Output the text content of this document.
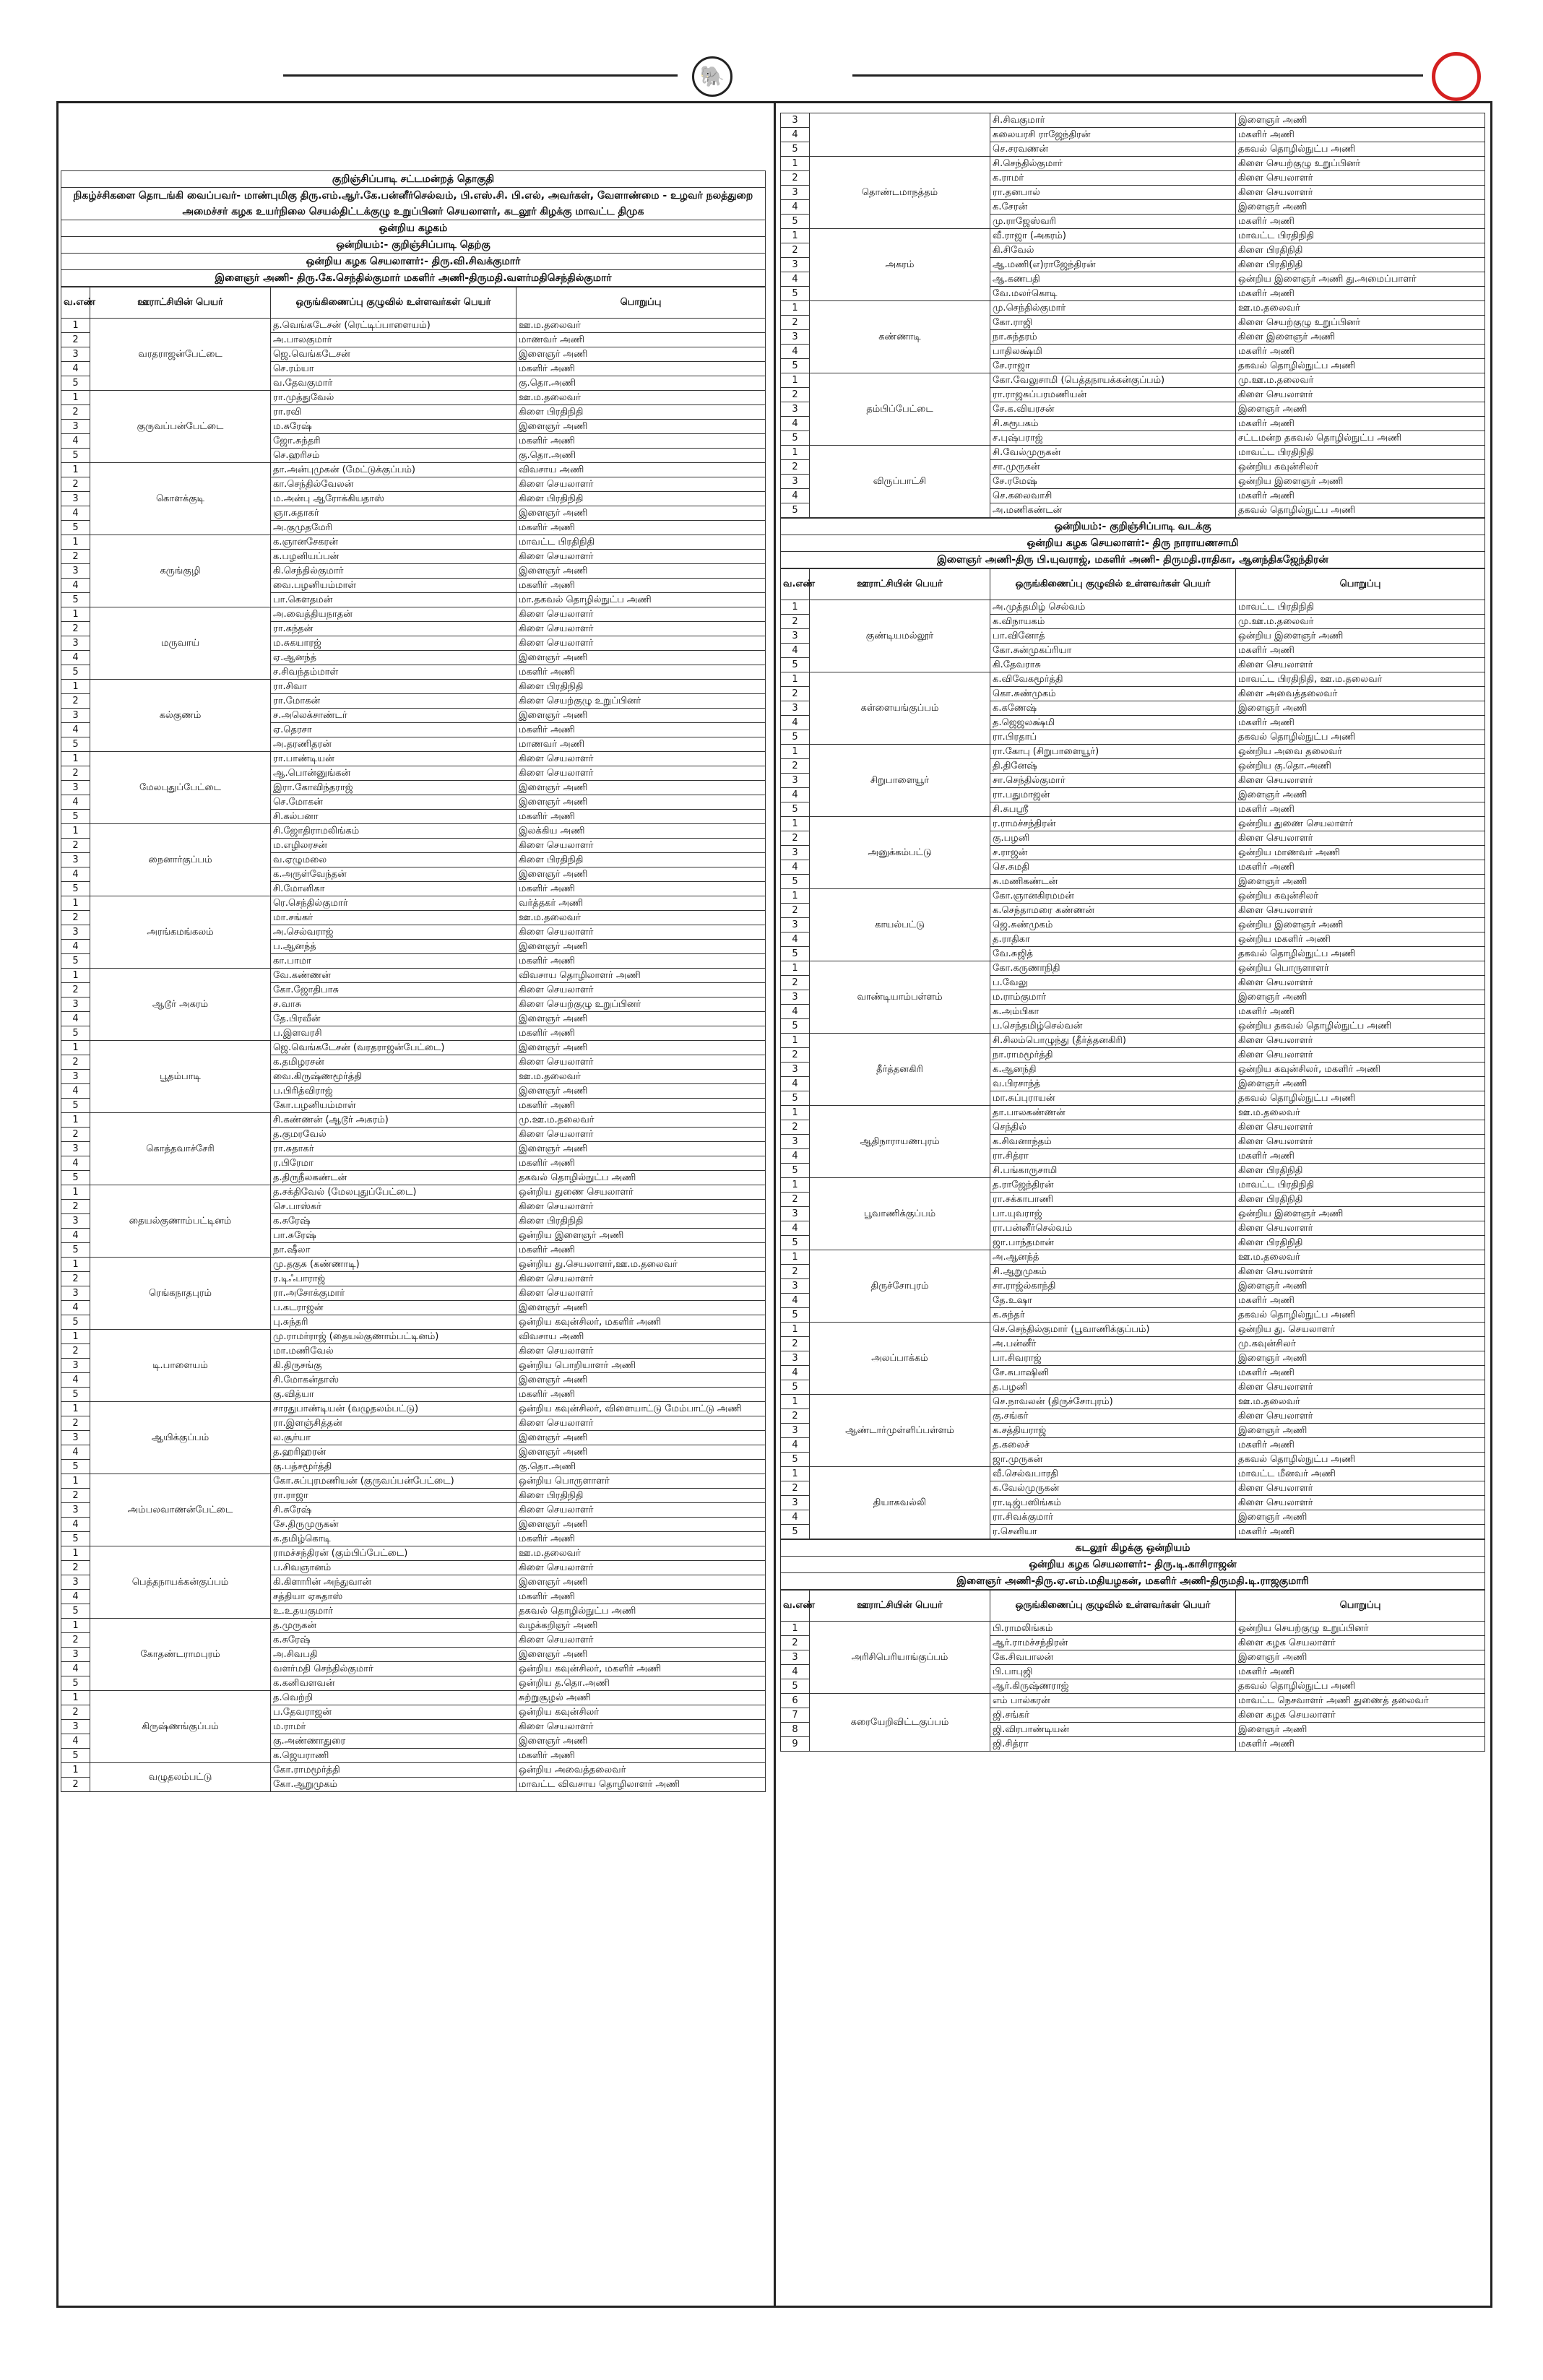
🐘
குறிஞ்சிப்பாடி சட்டமன்றத் தொகுதி
நிகழ்ச்சிகளை தொடங்கி வைப்பவர்- மாண்புமிகு திரு.எம்.ஆர்.கே.பன்னீர்செல்வம், பி.எஸ்.சி. பி.எல், அவர்கள், வேளாண்மை - உழவர் நலத்துறை அமைச்சர் கழக உயர்நிலை செயல்திட்டக்குழு உறுப்பினர் செயலாளர், கடலூர் கிழக்கு மாவட்ட திமுக
ஒன்றிய கழகம்
ஒன்றியம்:- குறிஞ்சிப்பாடி தெற்கு
ஒன்றிய கழக செயலாளர்:- திரு.வி.சிவக்குமார்
இளைஞர் அணி- திரு.கே.செந்தில்குமார் மகளிர் அணி-திருமதி.வளர்மதிசெந்தில்குமார்
வ.எண்	ஊராட்சியின் பெயர்	ஒருங்கிணைப்பு குழுவில் உள்ளவர்கள் பெயர்	பொறுப்பு
1	வரதராஜன்பேட்டை	த.வெங்கடேசன் (ரெட்டிப்பாளையம்)	ஊ.ம.தலைவர்
2		அ.பாலகுமார்	மாணவர் அணி
3		ஜெ.வெங்கடேசன்	இளைஞர் அணி
4		செ.ரம்யா	மகளிர் அணி
5		வ.தேவகுமார்	கு.தொ.அணி
1	குருவப்பன்பேட்டை	ரா.முத்துவேல்	ஊ.ம.தலைவர்
2		ரா.ரவி	கிளை பிரதிநிதி
3		ம.சுரேஷ்	இளைஞர் அணி
4		ஜோ.சுந்தரி	மகளிர் அணி
5		செ.ஹரிசம்	கு.தொ.அணி
1	கொளக்குடி	தா.அன்புமுகன் (மேட்டுக்குப்பம்)	விவசாய அணி
2		கா.செந்தில்வேலன்	கிளை செயலாளர்
3		ம.அன்பு ஆரோக்கியதாஸ்	கிளை பிரதிநிதி
4		ஞா.சுதாகர்	இளைஞர் அணி
5		அ.குமுதமேரி	மகளிர் அணி
1	கருங்குழி	க.ஞானசேகரன்	மாவட்ட பிரதிநிதி
2		க.பழனியப்பன்	கிளை செயலாளர்
3		கி.செந்தில்குமார்	இளைஞர் அணி
4		வை.பழனியம்மாள்	மகளிர் அணி
5		பா.கௌதமன்	மா.தகவல் தொழில்நுட்ப அணி
1	மருவாய்	அ.வைத்தியநாதன்	கிளை செயலாளர்
2		ரா.கந்தன்	கிளை செயலாளர்
3		ம.சுகயாரஜ்	கிளை செயலாளர்
4		ஏ.ஆனந்த்	இளைஞர் அணி
5		ச.சிவந்தம்மாள்	மகளிர் அணி
1	கல்குணம்	ரா.சிவா	கிளை பிரதிநிதி
2		ரா.மோகன்	கிளை செயற்குழு உறுப்பினர்
3		ச.அலெக்சாண்டர்	இளைஞர் அணி
4		ஏ.தெரசா	மகளிர் அணி
5		அ.தரணிதரன்	மாணவர் அணி
1	மேலபுதுப்பேட்டை	ரா.பாண்டியன்	கிளை செயலாளர்
2		ஆ.பொன்னுங்கன்	கிளை செயலாளர்
3		இரா.கோவிந்தராஜ்	இளைஞர் அணி
4		செ.மோகன்	இளைஞர் அணி
5		சி.கல்பனா	மகளிர் அணி
1	நைனார்குப்பம்	சி.ஜோதிராமலிங்கம்	இலக்கிய அணி
2		ம.எழிலரசன்	கிளை செயலாளர்
3		வ.ஏழுமலை	கிளை பிரதிநிதி
4		க.அருள்வேந்தன்	இளைஞர் அணி
5		சி.மோனிகா	மகளிர் அணி
1	அரங்கமங்கலம்	ரெ.செந்தில்குமார்	வர்த்தகர் அணி
2		மா.சங்கர்	ஊ.ம.தலைவர்
3		அ.செல்வராஜ்	கிளை செயலாளர்
4		ப.ஆனந்த்	இளைஞர் அணி
5		கா.பாமா	மகளிர் அணி
1	ஆடூர் அகரம்	வே.கண்ணன்	விவசாய தொழிலாளர் அணி
2		கோ.ஜோதிபாசு	கிளை செயலாளர்
3		ச.வாசு	கிளை செயற்குழு உறுப்பினர்
4		தே.பிரவீன்	இளைஞர் அணி
5		ப.இளவரசி	மகளிர் அணி
1	பூதம்பாடி	ஜெ.வெங்கடேசன் (வரதராஜன்பேட்டை)	இளைஞர் அணி
2		க.தமிழரசன்	கிளை செயலாளர்
3		வை.கிருஷ்ணமூர்த்தி	ஊ.ம.தலைவர்
4		ப.பிரித்விராஜ்	இளைஞர் அணி
5		கோ.பழனியம்மாள்	மகளிர் அணி
1	கொத்தவாச்சேரி	சி.கண்ணன் (ஆடூர் அகரம்)	மு.ஊ.ம.தலைவர்
2		த.குமரவேல்	கிளை செயலாளர்
3		ரா.சுதாகர்	இளைஞர் அணி
4		ர.பிரேமா	மகளிர் அணி
5		த.திருநீலகண்டன்	தகவல் தொழில்நுட்ப அணி
1	தையல்குணாம்பட்டினம்	த.சக்திவேல் (மேலபுதுப்பேட்டை)	ஒன்றிய துணை செயலாளர்
2		செ.பாஸ்கர்	கிளை செயலாளர்
3		க.சுரேஷ்	கிளை பிரதிநிதி
4		பா.சுரேஷ்	ஒன்றிய இளைஞர் அணி
5		நா.ஷீலா	மகளிர் அணி
1	ரெங்கநாதபுரம்	மு.தகுக (கண்ணாடி)	ஒன்றிய து.செயலாளர்,ஊ.ம.தலைவர்
2		ர.டிஃபாராஜ்	கிளை செயலாளர்
3		ரா.அசோக்குமார்	கிளை செயலாளர்
4		ப.கடராஜன்	இளைஞர் அணி
5		பு.சுந்தரி	ஒன்றிய கவுன்சிலர், மகளிர் அணி
1	டி.பாளையம்	மு.ராமர்ராஜ் (தையல்குணாம்பட்டினம்)	விவசாய அணி
2		மா.மணிவேல்	கிளை செயலாளர்
3		கி.திருசங்கு	ஒன்றிய பொறியாளர் அணி
4		சி.மோகன்தாஸ்	இளைஞர் அணி
5		கு.வித்யா	மகளிர் அணி
1	ஆயிக்குப்பம்	சாரதுபாண்டியன் (வழுதலம்பட்டு)	ஒன்றிய கவுன்சிலர், விளையாட்டு மேம்பாட்டு அணி
2		ரா.இளஞ்சித்தன்	கிளை செயலாளர்
3		ல.சூர்யா	இளைஞர் அணி
4		த.ஹரிஹரன்	இளைஞர் அணி
5		கு.பத்சமூர்த்தி	கு.தொ.அணி
1	அம்பலவாணன்பேட்டை	கோ.சுப்புரமணியன் (குருவப்பன்பேட்டை)	ஒன்றிய பொருளாளர்
2		ரா.ராஜா	கிளை பிரதிநிதி
3		சி.சுரேஷ்	கிளை செயலாளர்
4		சே.திருமுருகன்	இளைஞர் அணி
5		க.தமிழ்கொடி	மகளிர் அணி
1	பெத்தநாயக்கன்குப்பம்	ராமச்சந்திரன் (கும்பிப்பேட்டை)	ஊ.ம.தலைவர்
2		ப.சிவஞானம்	கிளை செயலாளர்
3		கி.கிளாரின் அந்துவான்	இளைஞர் அணி
4		சத்தியா ஏசுதாஸ்	மகளிர் அணி
5		உ.உதயகுமார்	தகவல் தொழில்நுட்ப அணி
1	கோதண்டராமபுரம்	த.முருகன்	வழக்கறிஞர் அணி
2		க.சுரேஷ்	கிளை செயலாளர்
3		அ.சிவபதி	இளைஞர் அணி
4		வளர்மதி செந்தில்குமார்	ஒன்றிய கவுன்சிலர், மகளிர் அணி
5		க.கனிவளவன்	ஒன்றிய த.தொ.அணி
1	கிருஷ்ணங்குப்பம்	த.வெற்றி	சுற்றுசூழல் அணி
2		ப.தேவராஜன்	ஒன்றிய கவுன்சிலர்
3		ம.ராமர்	கிளை செயலாளர்
4		கு.அண்ணாதுரை	இளைஞர் அணி
5		க.ஜெயராணி	மகளிர் அணி
1	வழுதலம்பட்டு	கோ.ராமமூர்த்தி	ஒன்றிய அவைத்தலைவர்
2		கோ.ஆறுமுகம்	மாவட்ட விவசாய தொழிலாளர் அணி
3		சி.சிவகுமார்	இளைஞர் அணி
4		கலையரசி ராஜேந்திரன்	மகளிர் அணி
5		செ.சரவணன்	தகவல் தொழில்நுட்ப அணி
1	தொண்டமாநத்தம்	சி.செந்தில்குமார்	கிளை செயற்குழு உறுப்பினர்
2		க.ராமர்	கிளை செயலாளர்
3		ரா.தனபால்	கிளை செயலாளர்
4		க.சேரன்	இளைஞர் அணி
5		மு.ராஜேஸ்வரி	மகளிர் அணி
1	அகரம்	வீ.ராஜா (அகரம்)	மாவட்ட பிரதிநிதி
2		கி.சிவேல்	கிளை பிரதிநிதி
3		ஆ.மணி(எ)ராஜேந்திரன்	கிளை பிரதிநிதி
4		ஆ.கணபதி	ஒன்றிய இளைஞர் அணி து.அமைப்பாளர்
5		வே.மலர்கொடி	மகளிர் அணி
1	கண்ணாடி	மு.செந்தில்குமார்	ஊ.ம.தலைவர்
2		கோ.ராஜி	கிளை செயற்குழு உறுப்பினர்
3		நா.சுந்தரம்	கிளை இளைஞர் அணி
4		பாதிலக்ஷ்மி	மகளிர் அணி
5		சே.ராஜா	தகவல் தொழில்நுட்ப அணி
1	தம்பிப்பேட்டை	கோ.வேலுசாமி (பெத்தநாயக்கன்குப்பம்)	மு.ஊ.ம.தலைவர்
2		ரா.ராஜசுப்பரமணியன்	கிளை செயலாளர்
3		சே.க.வியரசன்	இளைஞர் அணி
4		சி.சுரூபகம்	மகளிர் அணி
5		ச.புஷ்பராஜ்	சட்டமன்ற தகவல் தொழில்நுட்ப அணி
1	விருப்பாட்சி	சி.வேல்முருகன்	மாவட்ட பிரதிநிதி
2		சா.முருகன்	ஒன்றிய கவுன்சிலர்
3		சே.ரமேஷ்	ஒன்றிய இளைஞர் அணி
4		செ.கலைவாசி	மகளிர் அணி
5		அ.மணிகண்டன்	தகவல் தொழில்நுட்ப அணி
ஒன்றியம்:- குறிஞ்சிப்பாடி வடக்கு
ஒன்றிய கழக செயலாளர்:- திரு நாராயணசாமி
இளைஞர் அணி-திரு பி.யுவராஜ், மகளிர் அணி- திருமதி.ராதிகா, ஆனந்திகஜேந்திரன்
வ.எண்	ஊராட்சியின் பெயர்	ஒருங்கிணைப்பு குழுவில் உள்ளவர்கள் பெயர்	பொறுப்பு
1	குண்டியமல்லூர்	அ.முத்தமிழ் செல்வம்	மாவட்ட பிரதிநிதி
2		க.விநாயகம்	மு.ஊ.ம.தலைவர்
3		பா.வினோத்	ஒன்றிய இளைஞர் அணி
4		கோ.சுன்முகப்ரியா	மகளிர் அணி
5		கி.தேவராசு	கிளை செயலாளர்
1	கள்ளையங்குப்பம்	க.விவேகமூர்த்தி	மாவட்ட பிரதிநிதி, ஊ.ம.தலைவர்
2		கொ.சுண்முகம்	கிளை அவைத்தலைவர்
3		க.கணேஷ்	இளைஞர் அணி
4		த.ஜெஜலக்ஷ்மி	மகளிர் அணி
5		ரா.பிரதாப்	தகவல் தொழில்நுட்ப அணி
1	சிறுபாளையூர்	ரா.கோபு (சிறுபாளையூர்)	ஒன்றிய அவை தலைவர்
2		தி.தினேஷ்	ஒன்றிய கு.தொ.அணி
3		சா.செந்தில்குமார்	கிளை செயலாளர்
4		ரா.பதுமாஜன்	இளைஞர் அணி
5		சி.சுபஸ்ரீ	மகளிர் அணி
1	அனுக்கம்பட்டு	ர.ராமச்சந்திரன்	ஒன்றிய துணை செயலாளர்
2		கு.பழனி	கிளை செயலாளர்
3		ச.ராஜன்	ஒன்றிய மாணவர் அணி
4		செ.சுமதி	மகளிர் அணி
5		சு.மணிகண்டன்	இளைஞர் அணி
1	காயல்பட்டு	கோ.ஞானகிரமமன்	ஒன்றிய கவுன்சிலர்
2		க.செந்தாமரை கண்ணன்	கிளை செயலாளர்
3		ஜெ.சுண்முகம்	ஒன்றிய இளைஞர் அணி
4		த.ராதிகா	ஒன்றிய மகளிர் அணி
5		வே.சுஜித்	தகவல் தொழில்நுட்ப அணி
1	வாண்டியாம்பள்ளம்	கோ.கருணாநிதி	ஒன்றிய பொருளாளர்
2		ப.வேலு	கிளை செயலாளர்
3		ம.ராம்குமார்	இளைஞர் அணி
4		க.அம்பிகா	மகளிர் அணி
5		ப.செந்தமிழ்செல்வன்	ஒன்றிய தகவல் தொழில்நுட்ப அணி
1	தீர்த்தனகிரி	சி.சிலம்பொழுந்து (தீர்த்தனகிரி)	கிளை செயலாளர்
2		நா.ராமமூர்த்தி	கிளை செயலாளர்
3		க.ஆனந்தி	ஒன்றிய கவுன்சிலர், மகளிர் அணி
4		வ.பிரசாந்த்	இளைஞர் அணி
5		மா.சுப்புராயன்	தகவல் தொழில்நுட்ப அணி
1	ஆதிநாராயணபுரம்	தா.பாலகண்ணன்	ஊ.ம.தலைவர்
2		செந்தில்	கிளை செயலாளர்
3		க.சிவனாந்தம்	கிளை செயலாளர்
4		ரா.சித்ரா	மகளிர் அணி
5		சி.பங்காருசாமி	கிளை பிரதிநிதி
1	பூவாணிக்குப்பம்	த.ராஜேந்திரன்	மாவட்ட பிரதிநிதி
2		ரா.சக்காபாணி	கிளை பிரதிநிதி
3		பா.யுவராஜ்	ஒன்றிய இளைஞர் அணி
4		ரா.பன்னீர்செல்வம்	கிளை செயலாளர்
5		ஜா.பாந்தமான்	கிளை பிரதிநிதி
1	திருச்சோபுரம்	அ.ஆனந்த்	ஊ.ம.தலைவர்
2		சி.ஆறுமுகம்	கிளை செயலாளர்
3		சா.ராஜ்ல்காந்தி	இளைஞர் அணி
4		தே.உஷா	மகளிர் அணி
5		க.சுந்தர்	தகவல் தொழில்நுட்ப அணி
1	அலப்பாக்கம்	செ.செந்தில்குமார் (பூவாணிக்குப்பம்)	ஒன்றிய து. செயலாளர்
2		அ.பன்னீர்	மு.கவுன்சிலர்
3		பா.சிவராஜ்	இளைஞர் அணி
4		சே.சுபாஷினி	மகளிர் அணி
5		த.பழனி	கிளை செயலாளர்
1	ஆண்டார்முள்ளிப்பள்ளம்	செ.நாவலன் (திருச்சோபுரம்)	ஊ.ம.தலைவர்
2		கு.சங்கர்	கிளை செயலாளர்
3		க.சத்தியராஜ்	இளைஞர் அணி
4		த.கலைச்	மகளிர் அணி
5		ஜா.முருகன்	தகவல் தொழில்நுட்ப அணி
1	தியாகவல்லி	வீ.செல்வபாரதி	மாவட்ட மீனவர் அணி
2		க.வேல்முருகன்	கிளை செயலாளர்
3		ரா.டிஜ்பஸிங்கம்	கிளை செயலாளர்
4		ரா.சிவக்குமார்	இளைஞர் அணி
5		ர.செனியா	மகளிர் அணி
கடலூர் கிழக்கு ஒன்றியம்
ஒன்றிய கழக செயலாளர்:- திரு.டி.காசிராஜன்
இளைஞர் அணி-திரு.ஏ.எம்.மதியழகன், மகளிர் அணி-திருமதி.டி.ராஜகுமாரி
வ.எண்	ஊராட்சியின் பெயர்	ஒருங்கிணைப்பு குழுவில் உள்ளவர்கள் பெயர்	பொறுப்பு
1	அரிசிபெரியாங்குப்பம்	பி.ராமலிங்கம்	ஒன்றிய செயற்குழு உறுப்பினர்
2		ஆர்.ராமச்சந்திரன்	கிளை கழக செயலாளர்
3		கே.சிவபாலன்	இளைஞர் அணி
4		பி.பாபுஜி	மகளிர் அணி
5		ஆர்.கிருஷ்ணராஜ்	தகவல் தொழில்நுட்ப அணி
6	கரையேறிவிட்டகுப்பம்	எம் பால்கரன்	மாவட்ட நெசவாளர் அணி துணைத் தலைவர்
7		ஜி.சங்கர்	கிளை கழக செயலாளர்
8		ஜி.விரபாண்டியன்	இளைஞர் அணி
9		ஜி.சித்ரா	மகளிர் அணி
